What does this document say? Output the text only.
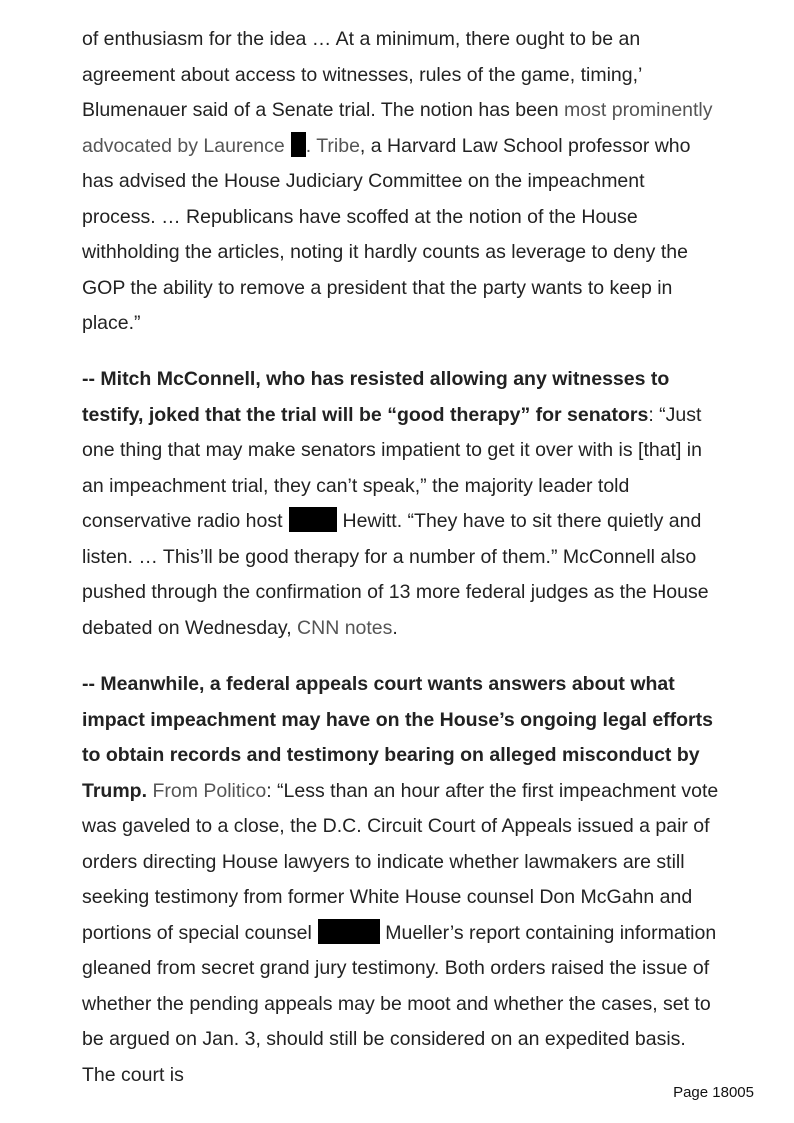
of enthusiasm for the idea … At a minimum, there ought to be an agreement about access to witnesses, rules of the game, timing,’ Blumenauer said of a Senate trial. The notion has been most prominently advocated by Laurence . Tribe, a Harvard Law School professor who has advised the House Judiciary Committee on the impeachment process. … Republicans have scoffed at the notion of the House withholding the articles, noting it hardly counts as leverage to deny the GOP the ability to remove a president that the party wants to keep in place.”

-- Mitch McConnell, who has resisted allowing any witnesses to testify, joked that the trial will be “good therapy” for senators: “Just one thing that may make senators impatient to get it over with is [that] in an impeachment trial, they can’t speak,” the majority leader told conservative radio host	Hewitt. “They have to sit there quietly and listen. … This’ll be good therapy for a number of them.” McConnell also pushed through the confirmation of 13 more federal judges as the House debated on Wednesday, CNN notes.

-- Meanwhile, a federal appeals court wants answers about what impact impeachment may have on the House’s ongoing legal efforts to obtain records and testimony bearing on alleged misconduct by Trump. From Politico: “Less than an hour after the first impeachment vote was gaveled to a close, the D.C. Circuit Court of Appeals issued a pair of orders directing House lawyers to indicate whether lawmakers are still seeking testimony from former White House counsel Don McGahn and portions of special counsel	Mueller’s report containing information gleaned from secret grand jury testimony. Both orders raised the issue of whether the pending appeals may be moot and whether the cases, set to be argued on Jan. 3, should still be considered on an expedited basis. The court is

Page 18005
